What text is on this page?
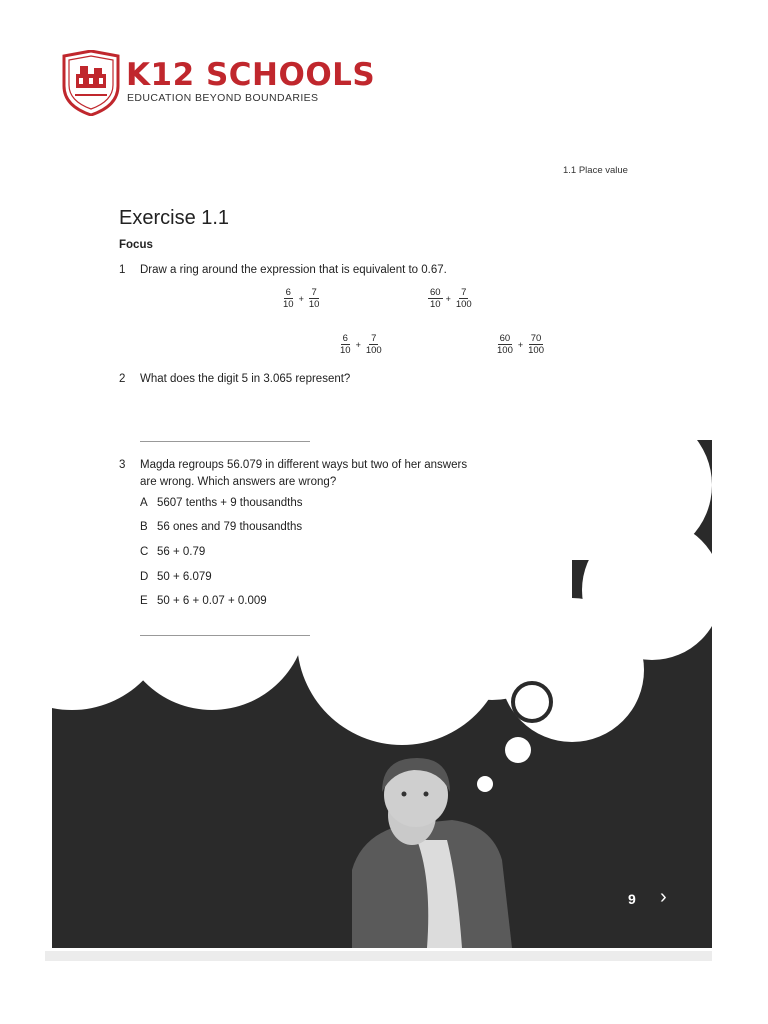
K12 SCHOOLS
EDUCATION BEYOND BOUNDARIES
1.1 Place value
Exercise 1.1
Focus
1 Draw a ring around the expression that is equivalent to 0.67.
$\frac{6}{10} + \frac{7}{10}$	$\frac{60}{10} + \frac{7}{100}$
$\frac{6}{10} + \frac{7}{100}$	$\frac{60}{100} + \frac{70}{100}$
2 What does the digit 5 in 3.065 represent?
3 Magda regroups 56.079 in different ways but two of her answers
are wrong. Which answers are wrong?
A 5607 tenths + 9 thousandths
B 56 ones and 79 thousandths
C 56 + 0.79
D 50 + 6.079
E 50 + 6 + 0.07 + 0.009
9 ›
